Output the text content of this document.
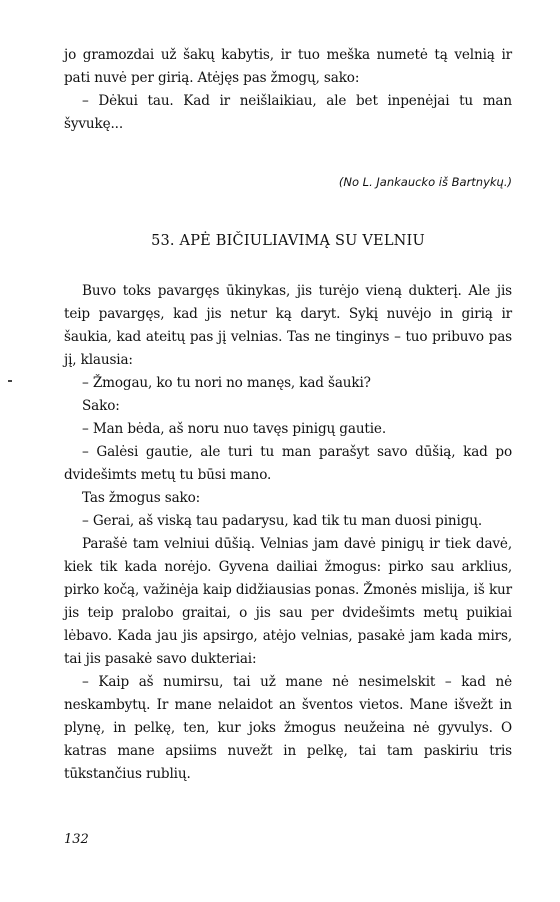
jo gramozdai už šakų kabytis, ir tuo meška numetė tą velnią ir pati nuvė per girią. Atėjęs pas žmogų, sako:

– Dėkui tau. Kad ir neišlaikiau, ale bet inpenėjai tu man šyvukę...

(No L. Jankaucko iš Bartnykų.)
53. APĖ BIČIULIAVIMĄ SU VELNIU

Buvo toks pavargęs ūkinykas, jis turėjo vieną dukterį. Ale jis teip pavargęs, kad jis netur ką daryt. Sykį nuvėjo in girią ir šaukia, kad ateitų pas jį velnias. Tas ne tinginys – tuo pribuvo pas jį, klausia:

– Žmogau, ko tu nori no manęs, kad šauki?

Sako:

– Man bėda, aš noru nuo tavęs pinigų gautie.

– Galėsi gautie, ale turi tu man parašyt savo dūšią, kad po dvidešimts metų tu būsi mano.

Tas žmogus sako:

– Gerai, aš viską tau padarysu, kad tik tu man duosi pinigų.

Parašė tam velniui dūšią. Velnias jam davė pinigų ir tiek davė, kiek tik kada norėjo. Gyvena dailiai žmogus: pirko sau arklius, pirko kočą, važinėja kaip didžiausias ponas. Žmonės mislija, iš kur jis teip pralobo graitai, o jis sau per dvidešimts metų puikiai lėbavo. Kada jau jis apsirgo, atėjo velnias, pasakė jam kada mirs, tai jis pasakė savo dukteriai:

– Kaip aš numirsu, tai už mane nė nesimelskit – kad nė neskambytų. Ir mane nelaidot an šventos vietos. Mane išvežt in plynę, in pelkę, ten, kur joks žmogus neužeina nė gyvulys. O katras mane apsiims nuvežt in pelkę, tai tam paskiriu tris tūkstančius rublių.

132
